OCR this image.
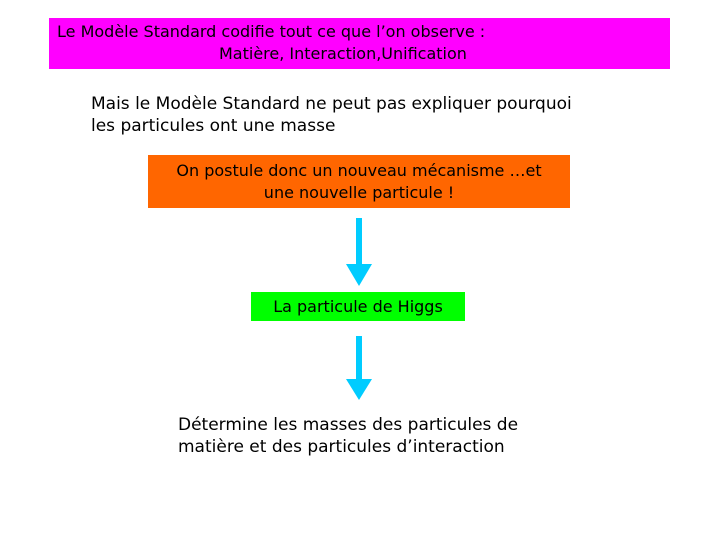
Le Modèle Standard codifie tout ce que l’on observe :
Matière, Interaction,Unification
Mais le Modèle Standard ne peut pas expliquer pourquoi
les particules ont une masse
On postule donc un nouveau mécanisme …et
une nouvelle particule !
La particule de Higgs
Détermine les masses des particules de
matière et des particules d’interaction
